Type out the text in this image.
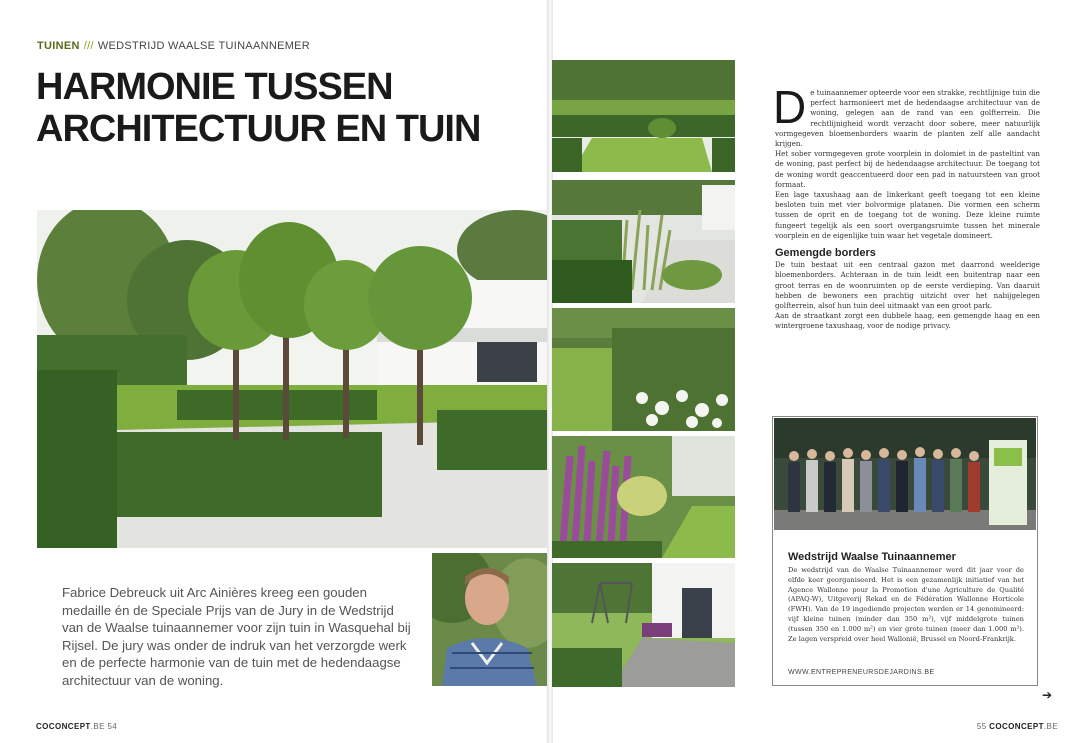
TUINEN /// WEDSTRIJD WAALSE TUINAANNEMER
HARMONIE TUSSEN
ARCHITECTUUR EN TUIN

Fabrice Debreuck uit Arc Ainières kreeg een gouden medaille én de Speciale Prijs van de Jury in de Wedstrijd van de Waalse tuinaannemer voor zijn tuin in Wasquehal bij Rijsel. De jury was onder de indruk van het verzorgde werk en de perfecte harmonie van de tuin met de hedendaagse architectuur van de woning.

COCONCEPT.BE 54

De tuinaannemer opteerde voor een strakke, rechtlijnige tuin die perfect harmonieert met de hedendaagse architectuur van de woning, gelegen aan de rand van een golfterrein. Die rechtlijnigheid wordt verzacht door sobere, meer natuurlijk vormgegeven bloemenborders waarin de planten zelf alle aandacht krijgen.

Het sober vormgegeven grote voorplein in dolomiet in de pasteltint van de woning, past perfect bij de hedendaagse architectuur. De toegang tot de woning wordt geaccentueerd door een pad in natuursteen van groot formaat.

Een lage taxushaag aan de linkerkant geeft toegang tot een kleine besloten tuin met vier bolvormige platanen. Die vormen een scherm tussen de oprit en de toegang tot de woning. Deze kleine ruimte fungeert tegelijk als een soort overgangsruimte tussen het minerale voorplein en de eigenlijke tuin waar het vegetale domineert.

Gemengde borders

De tuin bestaat uit een centraal gazon met daarrond weelderige bloemenborders. Achteraan in de tuin leidt een buitentrap naar een groot terras en de woonruimten op de eerste verdieping. Van daaruit hebben de bewoners een prachtig uitzicht over het nabijgelegen golfterrein, alsof hun tuin deel uitmaakt van een groot park.

Aan de straatkant zorgt een dubbele haag, een gemengde haag en een wintergroene taxushaag, voor de nodige privacy.

Wedstrijd Waalse Tuinaannemer

De wedstrijd van de Waalse Tuinaannemer werd dit jaar voor de elfde keer georganiseerd. Het is een gezamenlijk initiatief van het Agence Wallonne pour la Promotion d'une Agriculture de Qualité (APAQ-W), Uitgeverij Rekad en de Fédération Wallonne Horticole (FWH). Van de 19 ingediende projecten werden er 14 genomineerd: vijf kleine tuinen (minder dan 350 m²), vijf middelgrote tuinen (tussen 350 en 1.000 m²) en vier grote tuinen (meer dan 1.000 m²). Ze lagen verspreid over heel Wallonië, Brussel en Noord-Frankrijk.

WWW.ENTREPRENEURSDEJARDINS.BE
➔
55 COCONCEPT.BE
